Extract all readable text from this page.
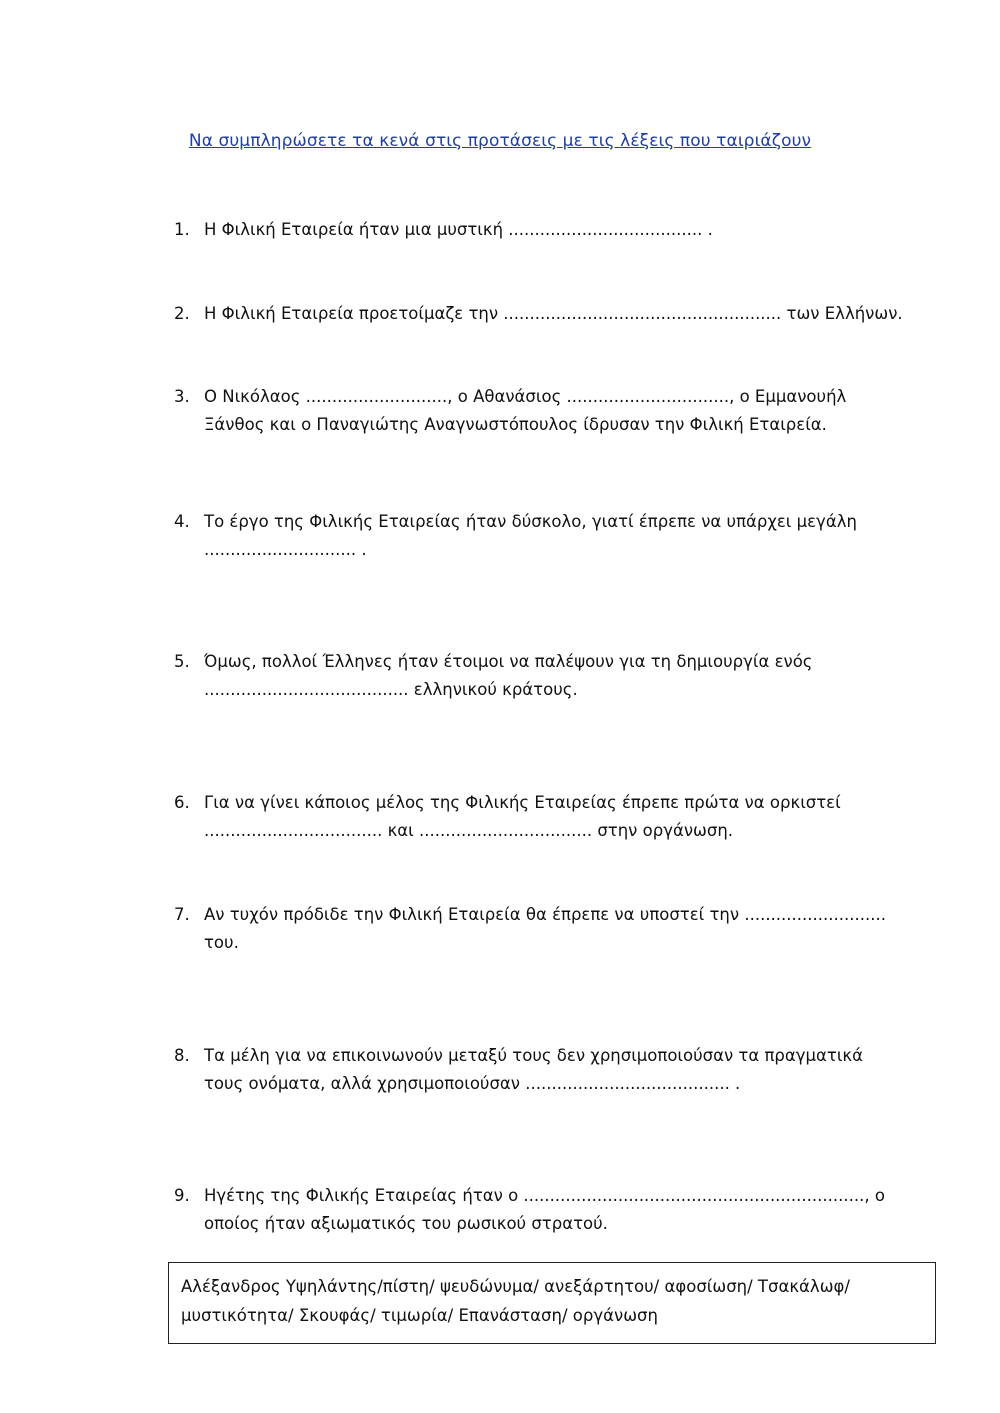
Να συμπληρώσετε τα κενά στις προτάσεις με τις λέξεις που ταιριάζουν
1. Η Φιλική Εταιρεία ήταν μια μυστική ..................................... .
2. Η Φιλική Εταιρεία προετοίμαζε την ..................................................... των Ελλήνων.
3. Ο Νικόλαος ..........................., ο Αθανάσιος ..............................., ο Εμμανουήλ
Ξάνθος και ο Παναγιώτης Αναγνωστόπουλος ίδρυσαν την Φιλική Εταιρεία.
4. Το έργο της Φιλικής Εταιρείας ήταν δύσκολο, γιατί έπρεπε να υπάρχει μεγάλη
............................. .
5. Όμως, πολλοί Έλληνες ήταν έτοιμοι να παλέψουν για τη δημιουργία ενός
....................................... ελληνικού κράτους.
6. Για να γίνει κάποιος μέλος της Φιλικής Εταιρείας έπρεπε πρώτα να ορκιστεί
.................................. και ................................. στην οργάνωση.
7. Αν τυχόν πρόδιδε την Φιλική Εταιρεία θα έπρεπε να υποστεί την ...........................
του.
8. Τα μέλη για να επικοινωνούν μεταξύ τους δεν χρησιμοποιούσαν τα πραγματικά
τους ονόματα, αλλά χρησιμοποιούσαν ....................................... .
9. Ηγέτης της Φιλικής Εταιρείας ήταν ο ................................................................., ο
οποίος ήταν αξιωματικός του ρωσικού στρατού.
Αλέξανδρος Υψηλάντης/πίστη/ ψευδώνυμα/ ανεξάρτητου/ αφοσίωση/ Τσακάλωφ/
μυστικότητα/ Σκουφάς/ τιμωρία/ Επανάσταση/ οργάνωση
